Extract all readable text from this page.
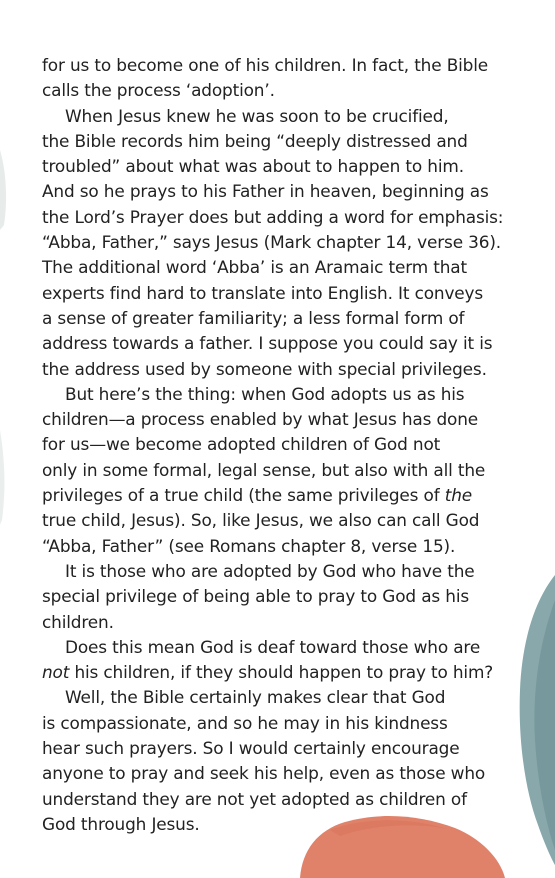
for us to become one of his children. In fact, the Bible
calls the process ‘adoption’.
When Jesus knew he was soon to be crucified,
the Bible records him being “deeply distressed and
troubled” about what was about to happen to him.
And so he prays to his Father in heaven, beginning as
the Lord’s Prayer does but adding a word for emphasis:
“Abba, Father,” says Jesus (Mark chapter 14, verse 36).
The additional word ‘Abba’ is an Aramaic term that
experts find hard to translate into English. It conveys
a sense of greater familiarity; a less formal form of
address towards a father. I suppose you could say it is
the address used by someone with special privileges.
But here’s the thing: when God adopts us as his
children—a process enabled by what Jesus has done
for us—we become adopted children of God not
only in some formal, legal sense, but also with all the
privileges of a true child (the same privileges of the
true child, Jesus). So, like Jesus, we also can call God
“Abba, Father” (see Romans chapter 8, verse 15).
It is those who are adopted by God who have the
special privilege of being able to pray to God as his
children.
Does this mean God is deaf toward those who are
not his children, if they should happen to pray to him?
Well, the Bible certainly makes clear that God
is compassionate, and so he may in his kindness
hear such prayers. So I would certainly encourage
anyone to pray and seek his help, even as those who
understand they are not yet adopted as children of
God through Jesus.
